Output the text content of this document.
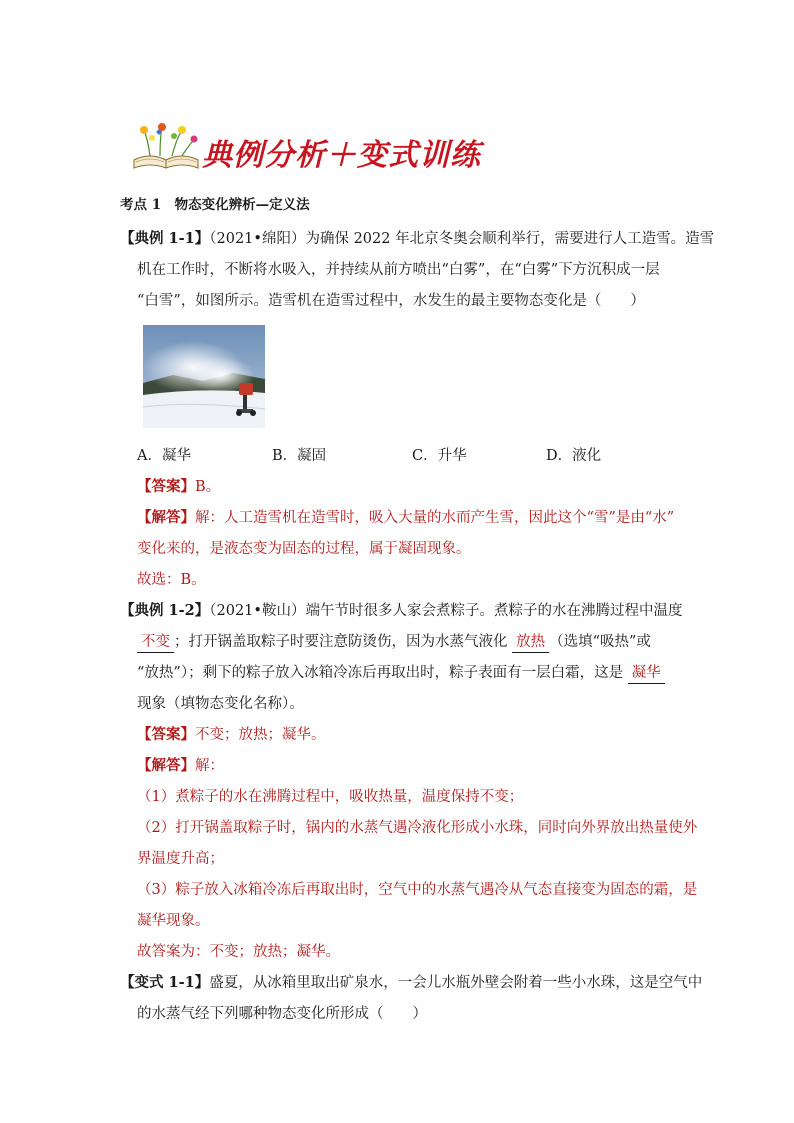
典例分析＋变式训练
考点 1　物态变化辨析—定义法
【典例 1-1】（2021•绵阳）为确保 2022 年北京冬奥会顺利举行，需要进行人工造雪。造雪
机在工作时，不断将水吸入，并持续从前方喷出“白雾”，在“白雾”下方沉积成一层
“白雪”，如图所示。造雪机在造雪过程中，水发生的最主要物态变化是（　　）
A．凝华	B．凝固	C．升华	D．液化
【答案】B。
【解答】解：人工造雪机在造雪时，吸入大量的水而产生雪，因此这个“雪”是由“水”
变化来的，是液态变为固态的过程，属于凝固现象。
故选：B。
【典例 1-2】（2021•鞍山）端午节时很多人家会煮粽子。煮粽子的水在沸腾过程中温度
不变 ；打开锅盖取粽子时要注意防烫伤，因为水蒸气液化 放热 （选填“吸热”或
“放热”）；剩下的粽子放入冰箱冷冻后再取出时，粽子表面有一层白霜，这是 凝华
现象（填物态变化名称）。
【答案】不变；放热；凝华。
【解答】解：
（1）煮粽子的水在沸腾过程中，吸收热量，温度保持不变；
（2）打开锅盖取粽子时，锅内的水蒸气遇冷液化形成小水珠，同时向外界放出热量使外
界温度升高；
（3）粽子放入冰箱冷冻后再取出时，空气中的水蒸气遇冷从气态直接变为固态的霜，是
凝华现象。
故答案为：不变；放热；凝华。
【变式 1-1】盛夏，从冰箱里取出矿泉水，一会儿水瓶外壁会附着一些小水珠，这是空气中
的水蒸气经下列哪种物态变化所形成（　　）
